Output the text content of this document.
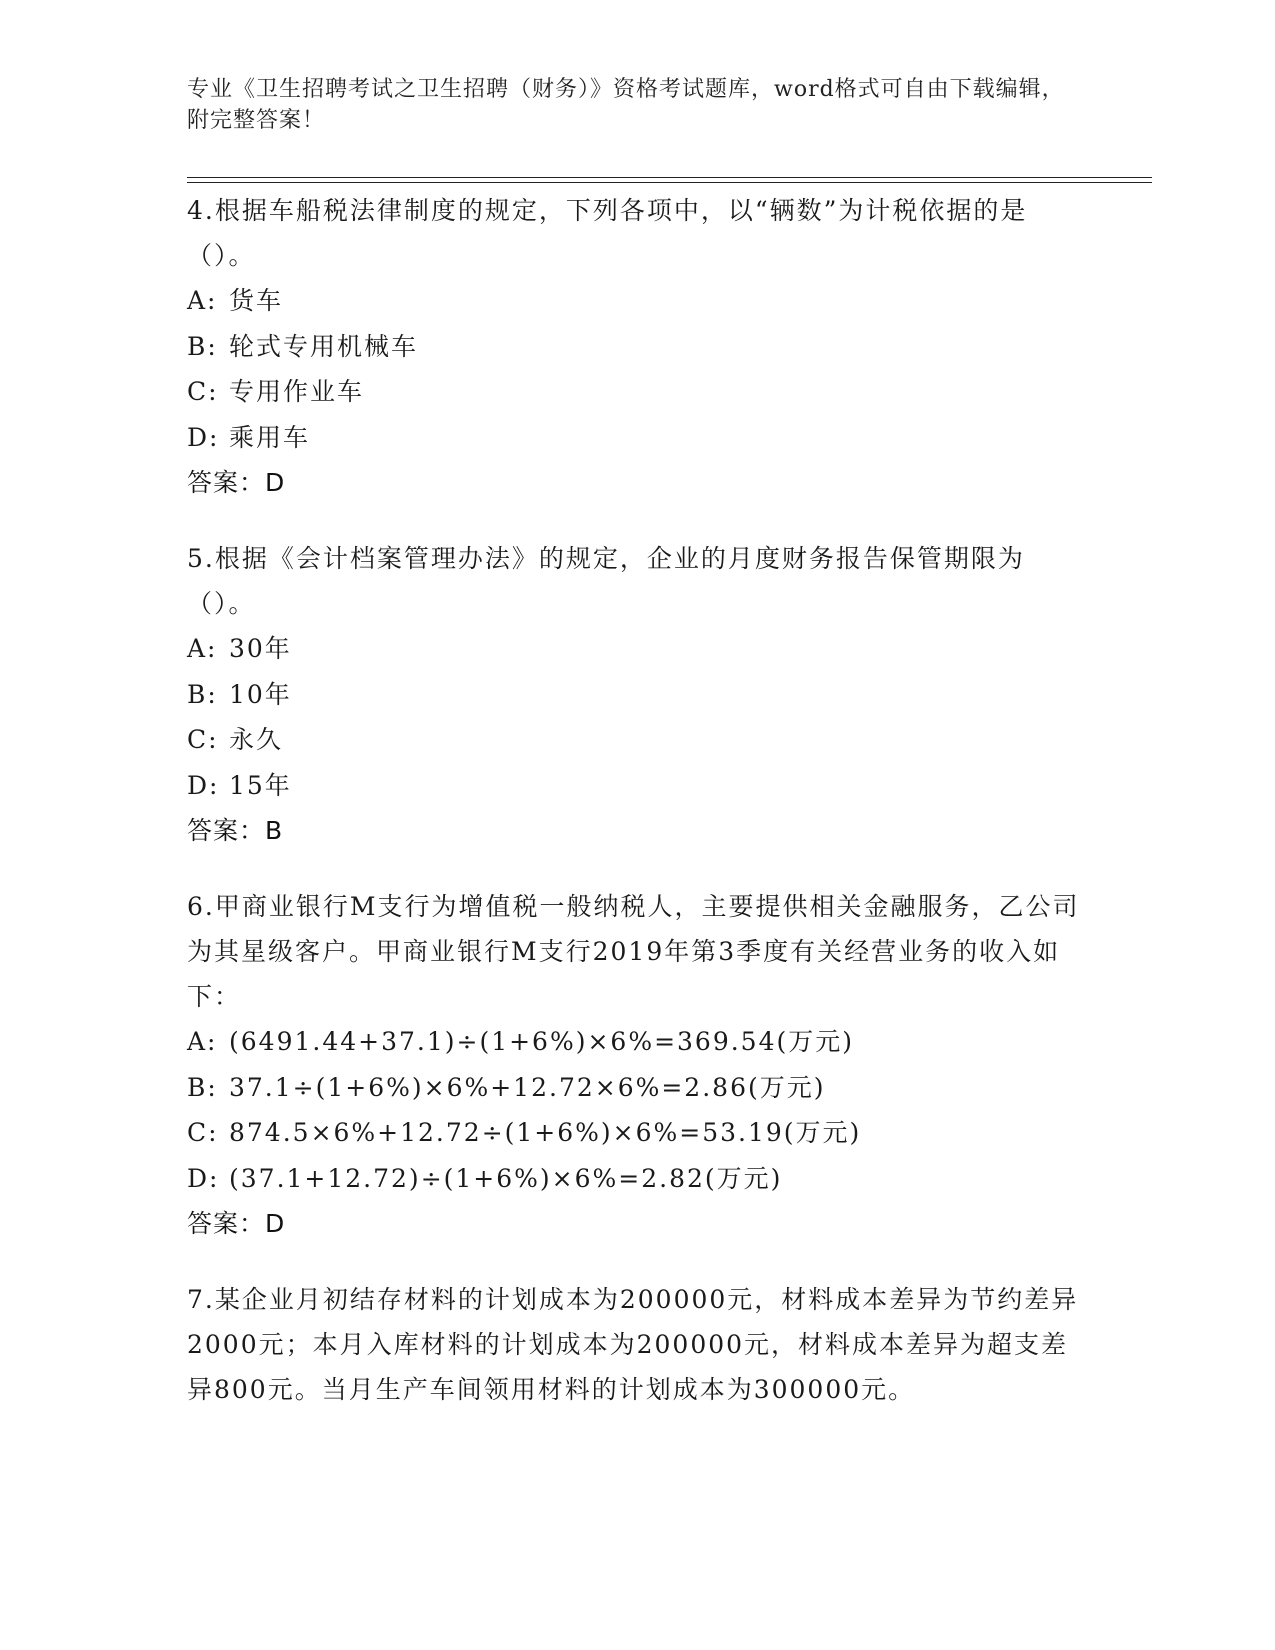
专业《卫生招聘考试之卫生招聘（财务）》资格考试题库，word格式可自由下载编辑，附完整答案！

4.根据车船税法律制度的规定，下列各项中，以“辆数”为计税依据的是（）。

A: 货车
B: 轮式专用机械车
C: 专用作业车
D: 乘用车
答案：D

5.根据《会计档案管理办法》的规定，企业的月度财务报告保管期限为（）。

A: 30年
B: 10年
C: 永久
D: 15年
答案：B

6.甲商业银行M支行为增值税一般纳税人，主要提供相关金融服务，乙公司为其星级客户。甲商业银行M支行2019年第3季度有关经营业务的收入如下：

A: (6491.44+37.1)÷(1+6%)×6%=369.54(万元)
B: 37.1÷(1+6%)×6%+12.72×6%=2.86(万元)
C: 874.5×6%+12.72÷(1+6%)×6%=53.19(万元)
D: (37.1+12.72)÷(1+6%)×6%=2.82(万元)
答案：D

7.某企业月初结存材料的计划成本为200000元，材料成本差异为节约差异2000元；本月入库材料的计划成本为200000元，材料成本差异为超支差异800元。当月生产车间领用材料的计划成本为300000元。
